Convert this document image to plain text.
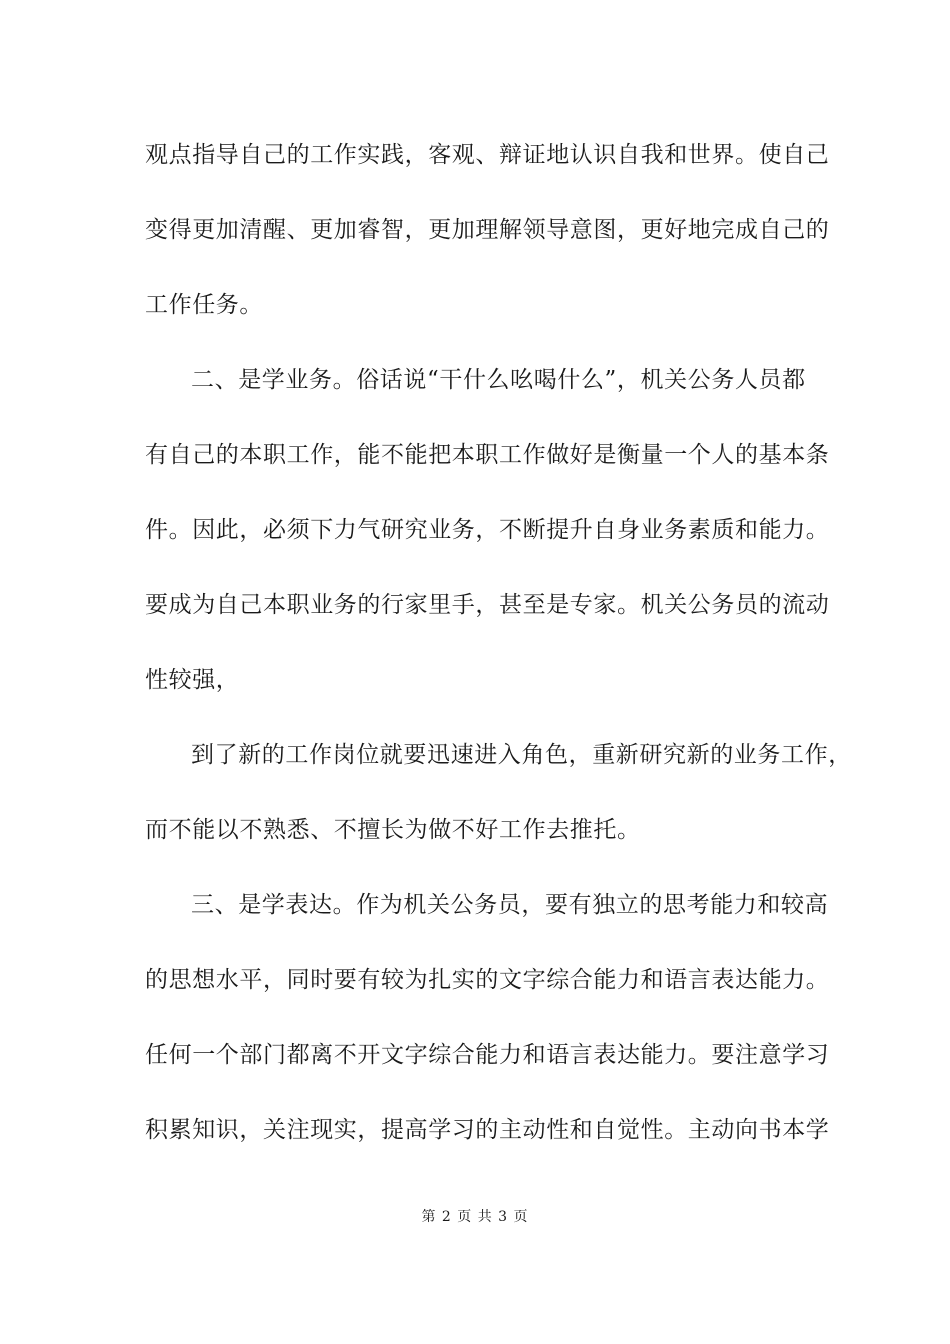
观点指导自己的工作实践，客观、辩证地认识自我和世界。使自己
变得更加清醒、更加睿智，更加理解领导意图，更好地完成自己的
工作任务。
二、是学业务。俗话说“干什么吆喝什么”，机关公务人员都
有自己的本职工作，能不能把本职工作做好是衡量一个人的基本条
件。因此，必须下力气研究业务，不断提升自身业务素质和能力。
要成为自己本职业务的行家里手，甚至是专家。机关公务员的流动
性较强，
到了新的工作岗位就要迅速进入角色，重新研究新的业务工作，
而不能以不熟悉、不擅长为做不好工作去推托。
三、是学表达。作为机关公务员，要有独立的思考能力和较高
的思想水平，同时要有较为扎实的文字综合能力和语言表达能力。
任何一个部门都离不开文字综合能力和语言表达能力。要注意学习
积累知识，关注现实，提高学习的主动性和自觉性。主动向书本学
第 2 页 共 3 页
